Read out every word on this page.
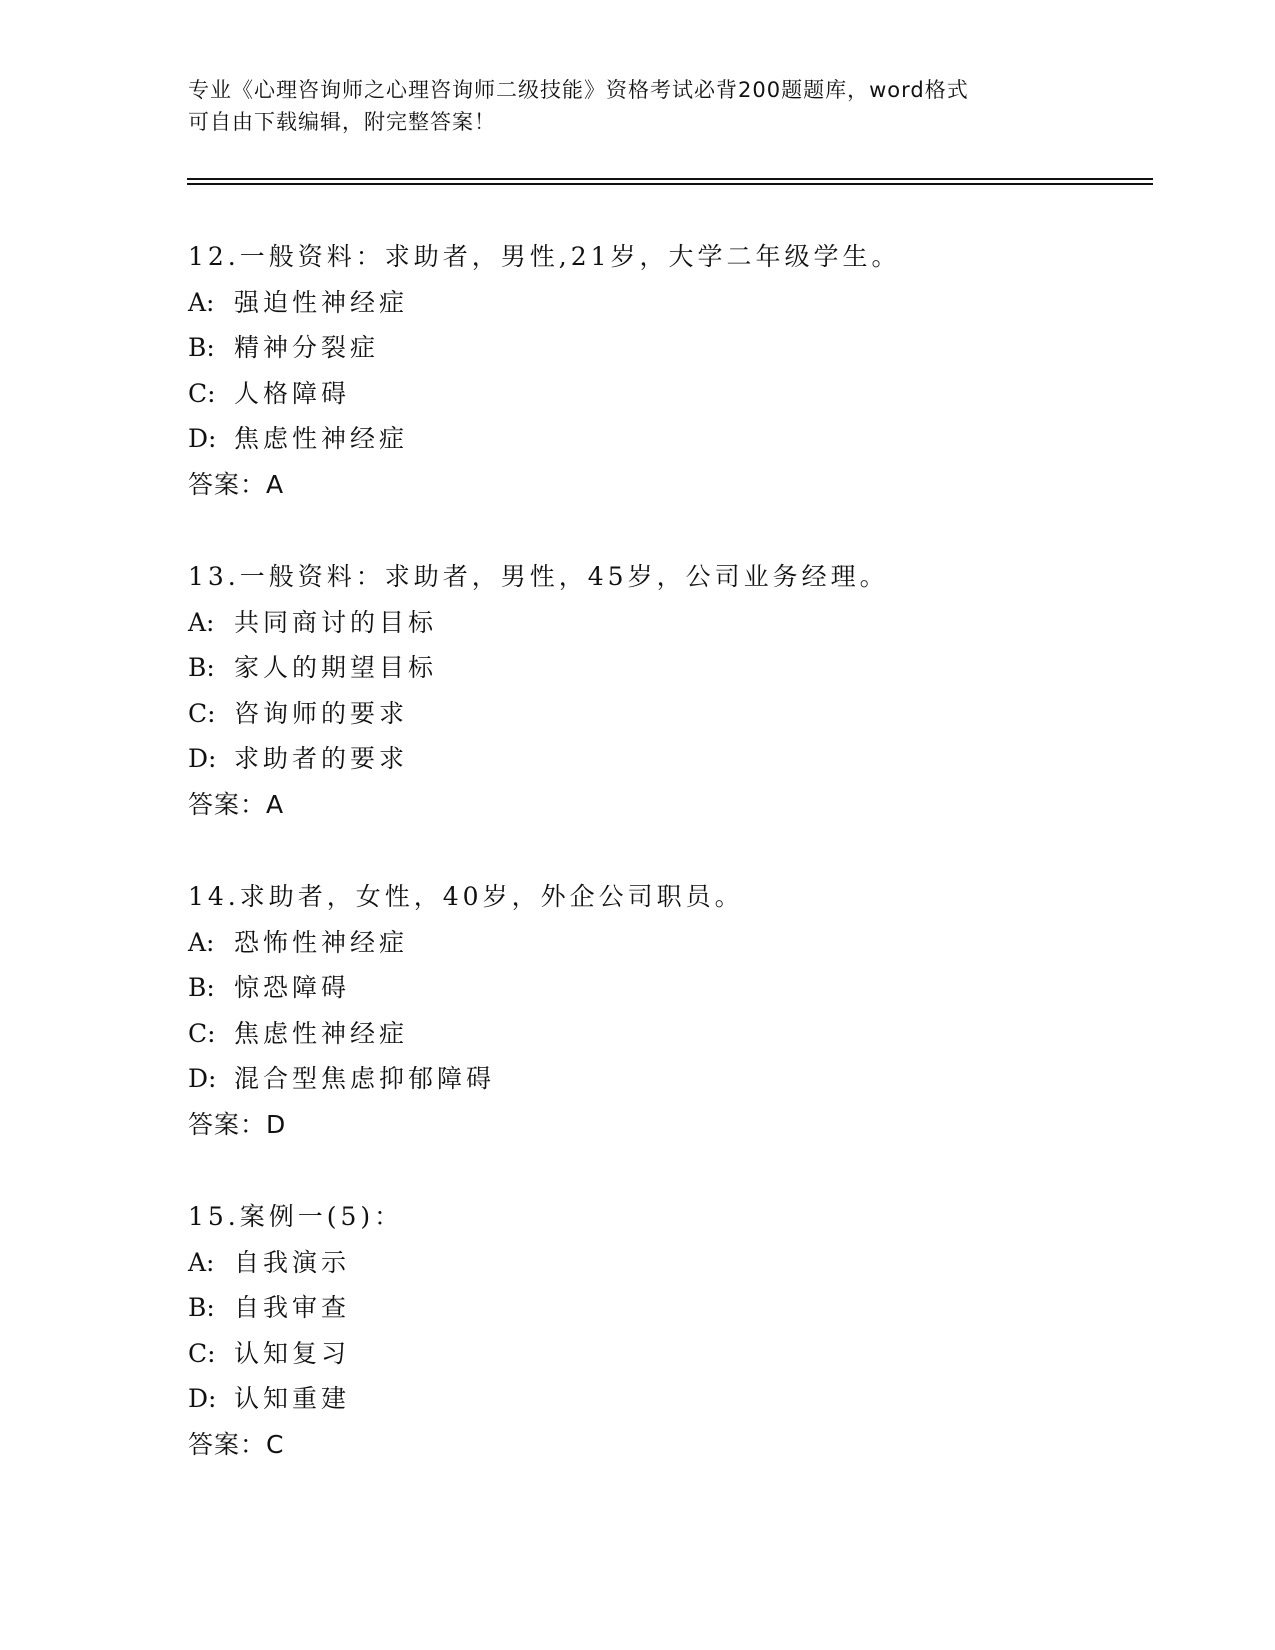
专业《心理咨询师之心理咨询师二级技能》资格考试必背200题题库，word格式
可自由下载编辑，附完整答案！
12.一般资料：求助者，男性,21岁，大学二年级学生。
A: 强迫性神经症
B: 精神分裂症
C: 人格障碍
D: 焦虑性神经症
答案：A
13.一般资料：求助者，男性，45岁，公司业务经理。
A: 共同商讨的目标
B: 家人的期望目标
C: 咨询师的要求
D: 求助者的要求
答案：A
14.求助者，女性，40岁，外企公司职员。
A: 恐怖性神经症
B: 惊恐障碍
C: 焦虑性神经症
D: 混合型焦虑抑郁障碍
答案：D
15.案例一(5)：
A: 自我演示
B: 自我审查
C: 认知复习
D: 认知重建
答案：C
